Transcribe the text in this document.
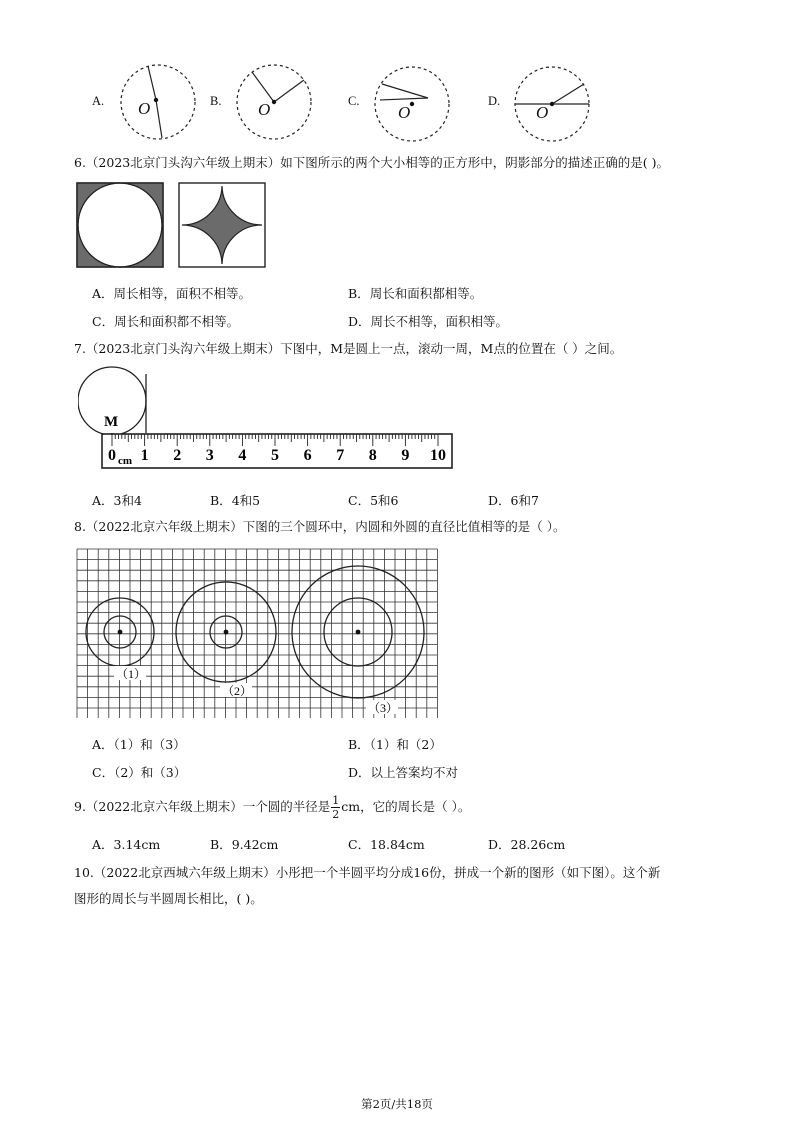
A. O	B. O	C.
O
D.
O
6.（2023北京门头沟六年级上期末）如下图所示的两个大小相等的正方形中，阴影部分的描述正确的是( )。
A．周长相等，面积不相等。	B．周长和面积都相等。
C．周长和面积都不相等。	D．周长不相等，面积相等。
7.（2023北京门头沟六年级上期末）下图中，M是圆上一点，滚动一周，M点的位置在（ ）之间。
M
0 1 2 3 4 5 6 7 8 9 10
cm
A．3和4	B．4和5	C．5和6	D．6和7
8.（2022北京六年级上期末）下图的三个圆环中，内圆和外圆的直径比值相等的是（ ）。
（1）
（2）
（3）
A．（1）和（3）	B．（1）和（2）
C．（2）和（3）	D．以上答案均不对
9.（2022北京六年级上期末）一个圆的半径是 $\frac{1}{2}$ cm，它的周长是（ ）。
A．3.14cm	B．9.42cm	C．18.84cm	D．28.26cm
10.（2022北京西城六年级上期末）小彤把一个半圆平均分成16份，拼成一个新的图形（如下图）。这个新
图形的周长与半圆周长相比，( )。
第2页/共18页
